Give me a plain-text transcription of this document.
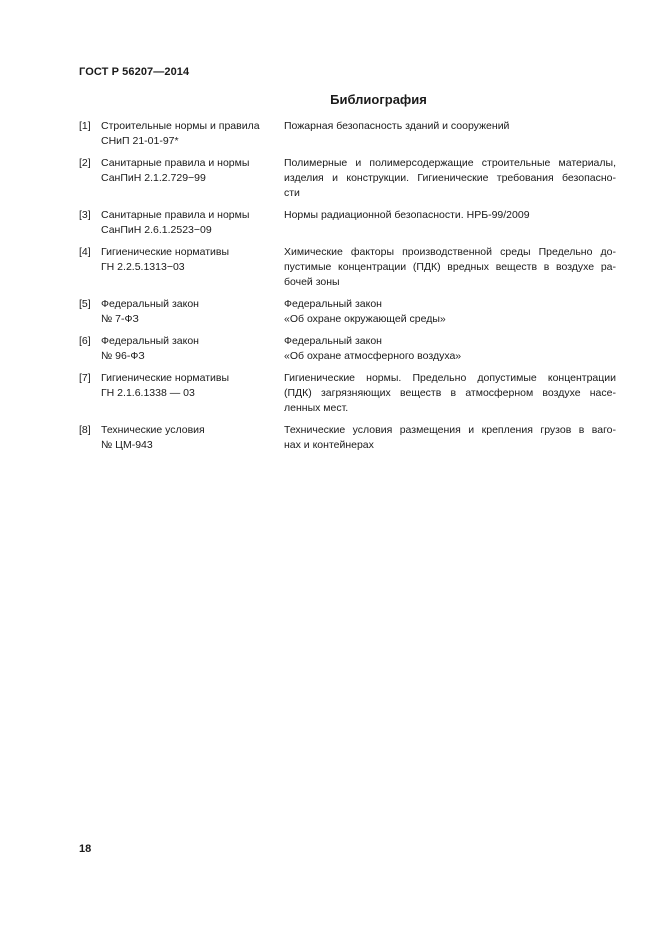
ГОСТ Р 56207—2014
Библиография
[1] Строительные нормы и правила
СНиП 21-01-97*
Пожарная безопасность зданий и сооружений
[2] Санитарные правила и нормы
СанПиН 2.1.2.729−99
Полимерные и полимерсодержащие строительные материалы,
изделия и конструкции. Гигиенические требования безопасно-
сти
[3] Санитарные правила и нормы
СанПиН 2.6.1.2523−09
Нормы радиационной безопасности. НРБ-99/2009
[4] Гигиенические нормативы
ГН 2.2.5.1313−03
Химические факторы производственной среды Предельно до-
пустимые концентрации (ПДК) вредных веществ в воздухе ра-
бочей зоны
[5] Федеральный закон
№ 7-ФЗ
Федеральный закон
«Об охране окружающей среды»
[6] Федеральный закон
№ 96-ФЗ
Федеральный закон
«Об охране атмосферного воздуха»
[7] Гигиенические нормативы
ГН 2.1.6.1338 — 03
Гигиенические нормы. Предельно допустимые концентрации
(ПДК) загрязняющих веществ в атмосферном воздухе насе-
ленных мест.
[8] Технические условия
№ ЦМ-943
Технические условия размещения и крепления грузов в ваго-
нах и контейнерах
18
